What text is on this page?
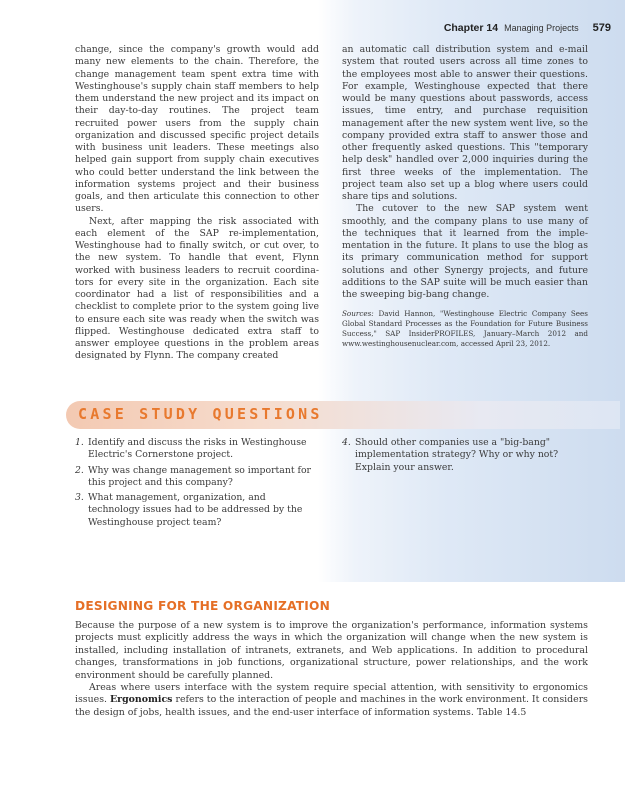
Chapter 14 Managing Projects 579

change, since the company's growth would add many new elements to the chain. Therefore, the change management team spent extra time with Westinghouse's supply chain staff members to help them understand the new project and its impact on their day-to-day routines. The project team recruited power users from the supply chain organization and discussed specific project details with business unit leaders. These meetings also helped gain support from supply chain executives who could better understand the link between the information systems project and their business goals, and then articulate this connection to other users.

Next, after mapping the risk associated with each element of the SAP re-implementation, Westinghouse had to finally switch, or cut over, to the new system. To handle that event, Flynn worked with business leaders to recruit coordinators for every site in the organization. Each site coordinator had a list of responsibilities and a checklist to complete prior to the system going live to ensure each site was ready when the switch was flipped. Westinghouse dedicated extra staff to answer employee questions in the problem areas designated by Flynn. The company created

an automatic call distribution system and e-mail system that routed users across all time zones to the employees most able to answer their questions. For example, Westinghouse expected that there would be many questions about passwords, access issues, time entry, and purchase requisition management after the new system went live, so the company provided extra staff to answer those and other frequently asked questions. This "temporary help desk" handled over 2,000 inquiries during the first three weeks of the implementation. The project team also set up a blog where users could share tips and solutions.

The cutover to the new SAP system went smoothly, and the company plans to use many of the techniques that it learned from the implementation in the future. It plans to use the blog as its primary communication method for support solutions and other Synergy projects, and future additions to the SAP suite will be much easier than the sweeping big-bang change.

Sources: David Hannon, "Westinghouse Electric Company Sees Global Standard Processes as the Foundation for Future Business Success," SAP InsiderPROFILES, January–March 2012 and www.westinghousenuclear.com, accessed April 23, 2012.

CASE STUDY QUESTIONS
1. Identify and discuss the risks in Westinghouse Electric's Cornerstone project.
2. Why was change management so important for this project and this company?
3. What management, organization, and technology issues had to be addressed by the Westinghouse project team?
4. Should other companies use a "big-bang" implementation strategy? Why or why not? Explain your answer.
DESIGNING FOR THE ORGANIZATION

Because the purpose of a new system is to improve the organization's performance, information systems projects must explicitly address the ways in which the organization will change when the new system is installed, including installation of intranets, extranets, and Web applications. In addition to procedural changes, transformations in job functions, organizational structure, power relationships, and the work environment should be carefully planned.

Areas where users interface with the system require special attention, with sensitivity to ergonomics issues. Ergonomics refers to the interaction of people and machines in the work environment. It considers the design of jobs, health issues, and the end-user interface of information systems. Table 14.5
